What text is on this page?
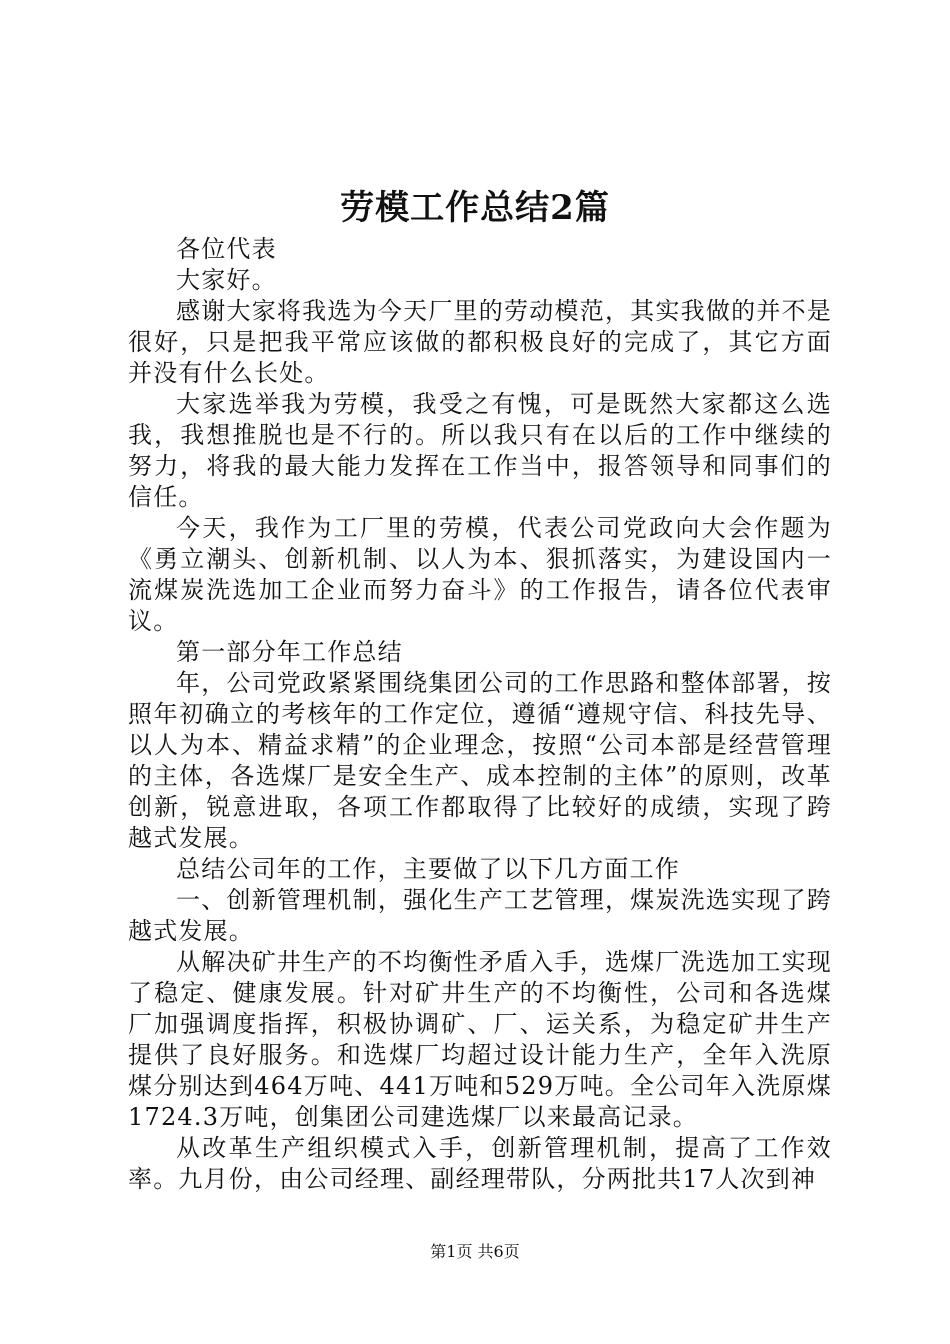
劳模工作总结2篇

各位代表

大家好。

感谢大家将我选为今天厂里的劳动模范，其实我做的并不是很好，只是把我平常应该做的都积极良好的完成了，其它方面并没有什么长处。

大家选举我为劳模，我受之有愧，可是既然大家都这么选我，我想推脱也是不行的。所以我只有在以后的工作中继续的努力，将我的最大能力发挥在工作当中，报答领导和同事们的信任。

今天，我作为工厂里的劳模，代表公司党政向大会作题为《勇立潮头、创新机制、以人为本、狠抓落实，为建设国内一流煤炭洗选加工企业而努力奋斗》的工作报告，请各位代表审议。

第一部分年工作总结

年，公司党政紧紧围绕集团公司的工作思路和整体部署，按照年初确立的考核年的工作定位，遵循“遵规守信、科技先导、以人为本、精益求精”的企业理念，按照“公司本部是经营管理的主体，各选煤厂是安全生产、成本控制的主体”的原则，改革创新，锐意进取，各项工作都取得了比较好的成绩，实现了跨越式发展。

总结公司年的工作，主要做了以下几方面工作

一、创新管理机制，强化生产工艺管理，煤炭洗选实现了跨越式发展。

从解决矿井生产的不均衡性矛盾入手，选煤厂洗选加工实现了稳定、健康发展。针对矿井生产的不均衡性，公司和各选煤厂加强调度指挥，积极协调矿、厂、运关系，为稳定矿井生产提供了良好服务。和选煤厂均超过设计能力生产，全年入洗原煤分别达到464万吨、441万吨和529万吨。全公司年入洗原煤1724.3万吨，创集团公司建选煤厂以来最高记录。

从改革生产组织模式入手，创新管理机制，提高了工作效率。九月份，由公司经理、副经理带队，分两批共17人次到神

第1页 共6页
